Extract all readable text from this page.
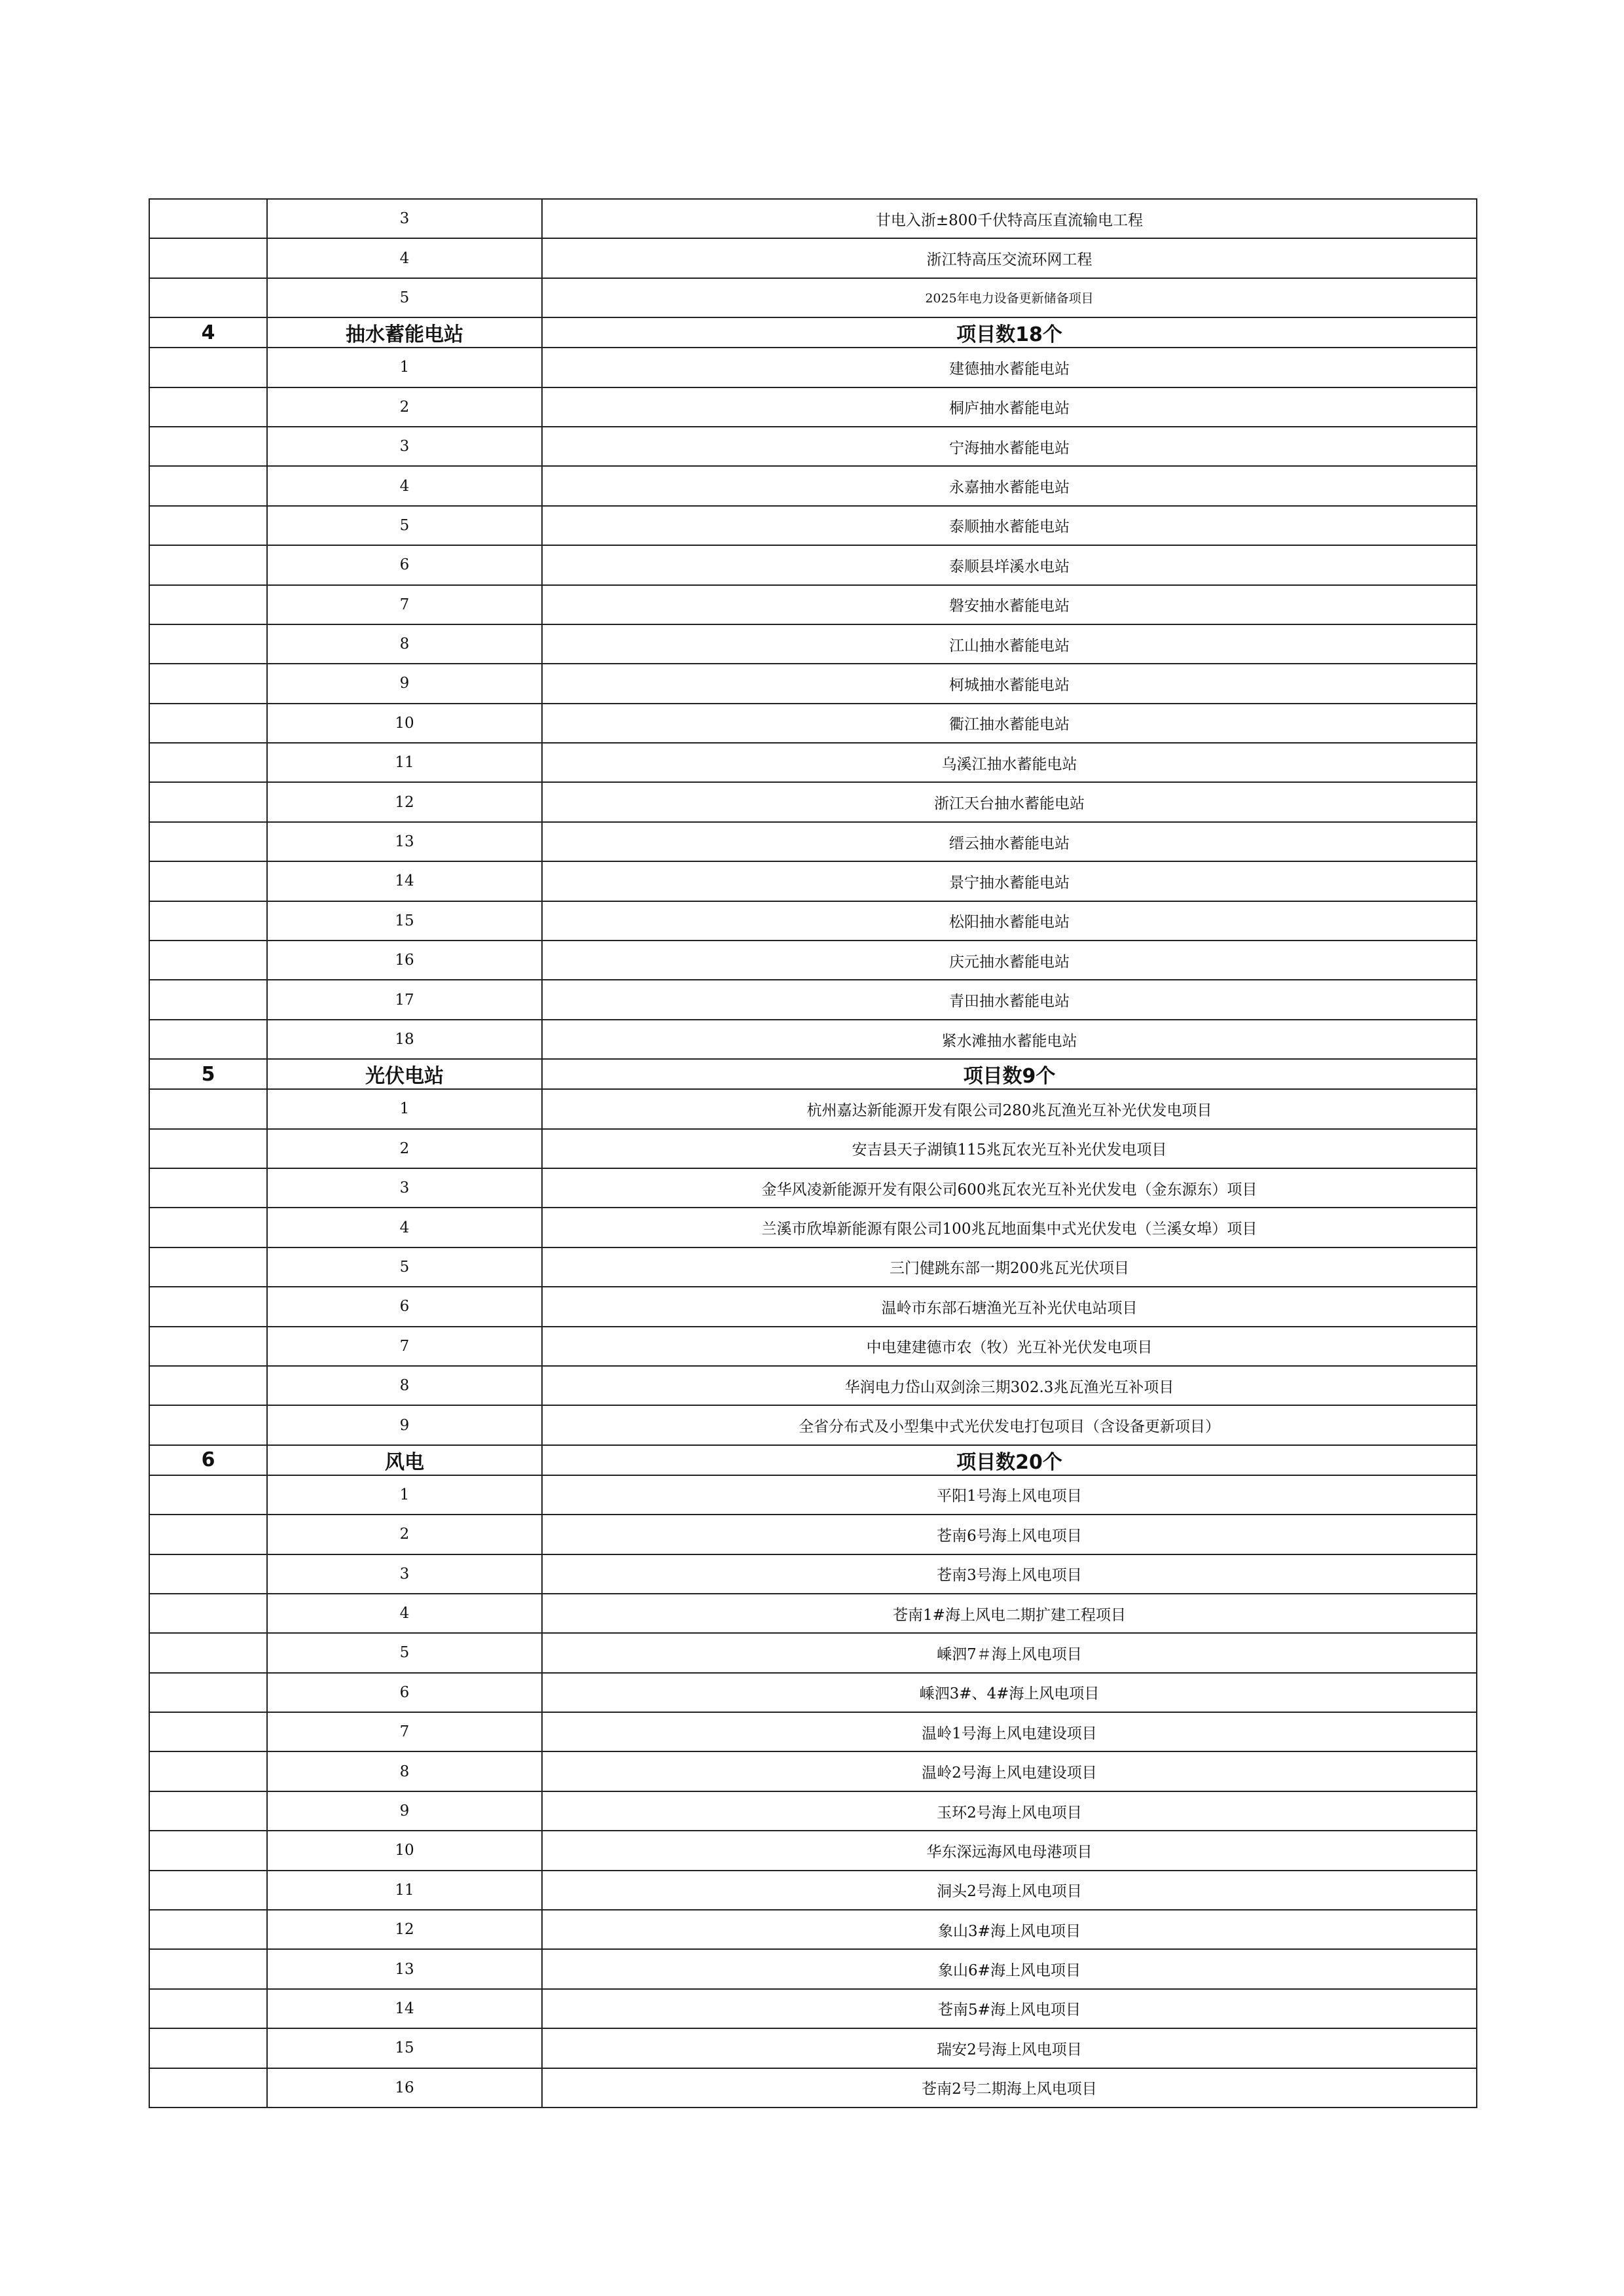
	3	甘电入浙±800千伏特高压直流输电工程
	4	浙江特高压交流环网工程
	5	2025年电力设备更新储备项目
4	抽水蓄能电站	项目数18个
	1	建德抽水蓄能电站
	2	桐庐抽水蓄能电站
	3	宁海抽水蓄能电站
	4	永嘉抽水蓄能电站
	5	泰顺抽水蓄能电站
	6	泰顺县垟溪水电站
	7	磐安抽水蓄能电站
	8	江山抽水蓄能电站
	9	柯城抽水蓄能电站
	10	衢江抽水蓄能电站
	11	乌溪江抽水蓄能电站
	12	浙江天台抽水蓄能电站
	13	缙云抽水蓄能电站
	14	景宁抽水蓄能电站
	15	松阳抽水蓄能电站
	16	庆元抽水蓄能电站
	17	青田抽水蓄能电站
	18	紧水滩抽水蓄能电站
5	光伏电站	项目数9个
	1	杭州嘉达新能源开发有限公司280兆瓦渔光互补光伏发电项目
	2	安吉县天子湖镇115兆瓦农光互补光伏发电项目
	3	金华风凌新能源开发有限公司600兆瓦农光互补光伏发电（金东源东）项目
	4	兰溪市欣埠新能源有限公司100兆瓦地面集中式光伏发电（兰溪女埠）项目
	5	三门健跳东部一期200兆瓦光伏项目
	6	温岭市东部石塘渔光互补光伏电站项目
	7	中电建建德市农（牧）光互补光伏发电项目
	8	华润电力岱山双剑涂三期302.3兆瓦渔光互补项目
	9	全省分布式及小型集中式光伏发电打包项目（含设备更新项目）
6	风电	项目数20个
	1	平阳1号海上风电项目
	2	苍南6号海上风电项目
	3	苍南3号海上风电项目
	4	苍南1#海上风电二期扩建工程项目
	5	嵊泗7＃海上风电项目
	6	嵊泗3#、4#海上风电项目
	7	温岭1号海上风电建设项目
	8	温岭2号海上风电建设项目
	9	玉环2号海上风电项目
	10	华东深远海风电母港项目
	11	洞头2号海上风电项目
	12	象山3#海上风电项目
	13	象山6#海上风电项目
	14	苍南5#海上风电项目
	15	瑞安2号海上风电项目
	16	苍南2号二期海上风电项目
